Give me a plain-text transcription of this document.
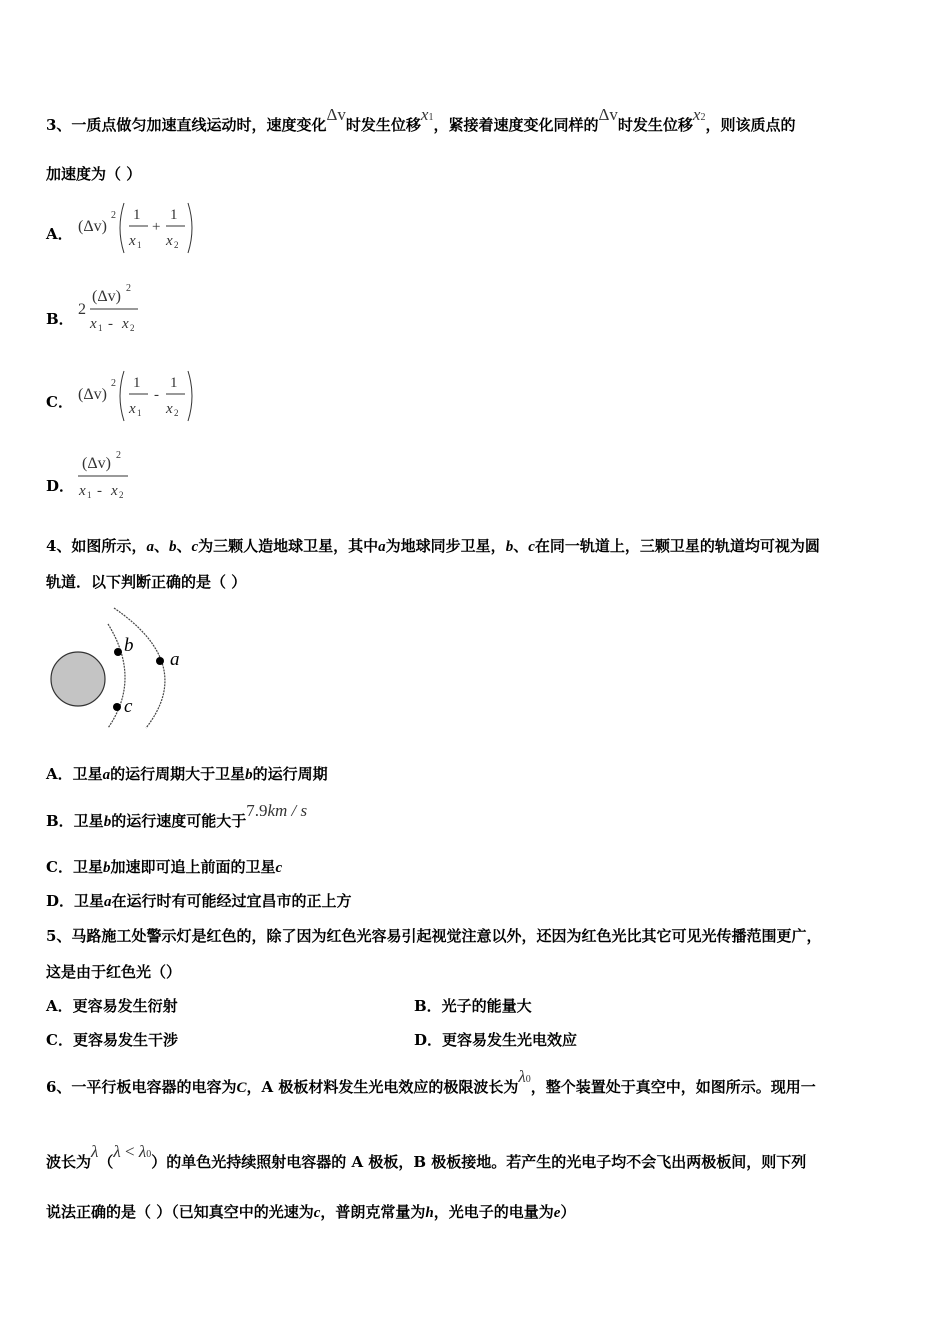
3、一质点做匀加速直线运动时，速度变化Δv时发生位移x1，紧接着速度变化同样的Δv时发生位移x2，则该质点的
加速度为（ ）
A． (Δv)
2 1
x 1
+
1
x 2
B．
2
(Δv) 2
x 1 - x 2
C． (Δv)
2 1
x 1
-
1
x 2
D．
(Δv) 2
x 1 - x 2
4、如图所示，a、b、c为三颗人造地球卫星，其中a为地球同步卫星，b、c在同一轨道上，三颗卫星的轨道均可视为圆
轨道．以下判断正确的是（ ）
b
c
a
A．卫星a的运行周期大于卫星b的运行周期
B．卫星b的运行速度可能大于7.9km / s
C．卫星b加速即可追上前面的卫星c
D．卫星a在运行时有可能经过宜昌市的正上方
5、马路施工处警示灯是红色的，除了因为红色光容易引起视觉注意以外，还因为红色光比其它可见光传播范围更广，
这是由于红色光（）
A．更容易发生衍射	B．光子的能量大
C．更容易发生干涉	D．更容易发生光电效应
6、一平行板电容器的电容为C，A 极板材料发生光电效应的极限波长为λ0，整个装置处于真空中，如图所示。现用一
波长为λ（λ < λ0）的单色光持续照射电容器的 A 极板，B 极板接地。若产生的光电子均不会飞出两极板间，则下列
说法正确的是（ ）（已知真空中的光速为c，普朗克常量为h，光电子的电量为e）
